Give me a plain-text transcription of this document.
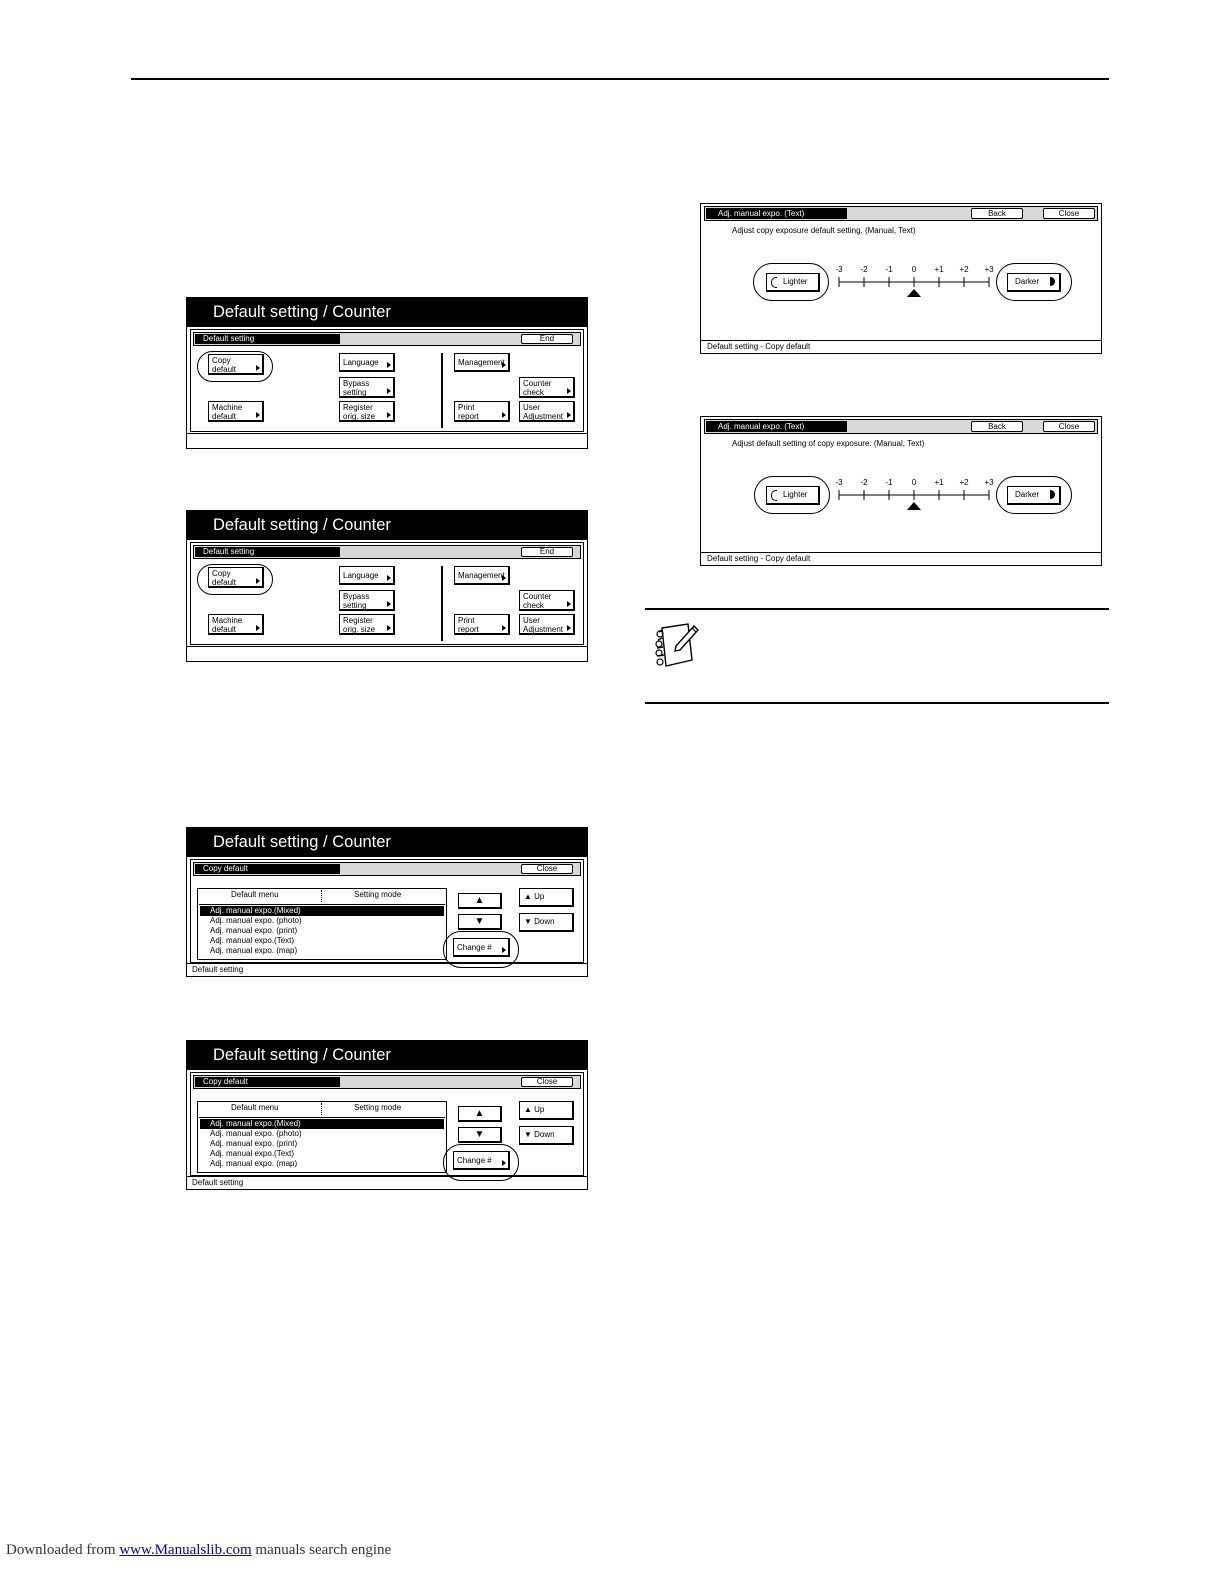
Default setting / Counter
Default setting	End
Copy
default
Machine
default
Language
Bypass
setting
Register
orig. size
Management
Counter
check
Print
report
User
Adjustment
Default setting / Counter
Default setting	End
Copy
default
Machine
default
Language
Bypass
setting
Register
orig. size
Management
Counter
check
Print
report
User
Adjustment
Default setting / Counter
Copy default	Close
Default menu	Setting mode
Adj. manual expo.(Mixed)
Adj. manual expo. (photo)
Adj. manual expo. (print)
Adj. manual expo.(Text)
Adj. manual expo. (map)
▲
▼
▲ Up
▼ Down
Change #
Default setting
Default setting / Counter
Copy default	Close
Default menu	Setting mode
Adj. manual expo.(Mixed)
Adj. manual expo. (photo)
Adj. manual expo. (print)
Adj. manual expo.(Text)
Adj. manual expo. (map)
▲
▼
▲ Up
▼ Down
Change #
Default setting
Adj. manual expo. (Text)	Back	Close
Adjust copy exposure default setting. (Manual, Text)
Lighter
-3 -2 -1 0 +1 +2 +3
Darker
Default setting - Copy default
Adj. manual expo. (Text)	Back	Close
Adjust default setting of copy exposure. (Manual, Text)
Lighter
-3 -2 -1 0 +1 +2 +3
Darker
Default setting - Copy default
Downloaded from www.Manualslib.com manuals search engine
